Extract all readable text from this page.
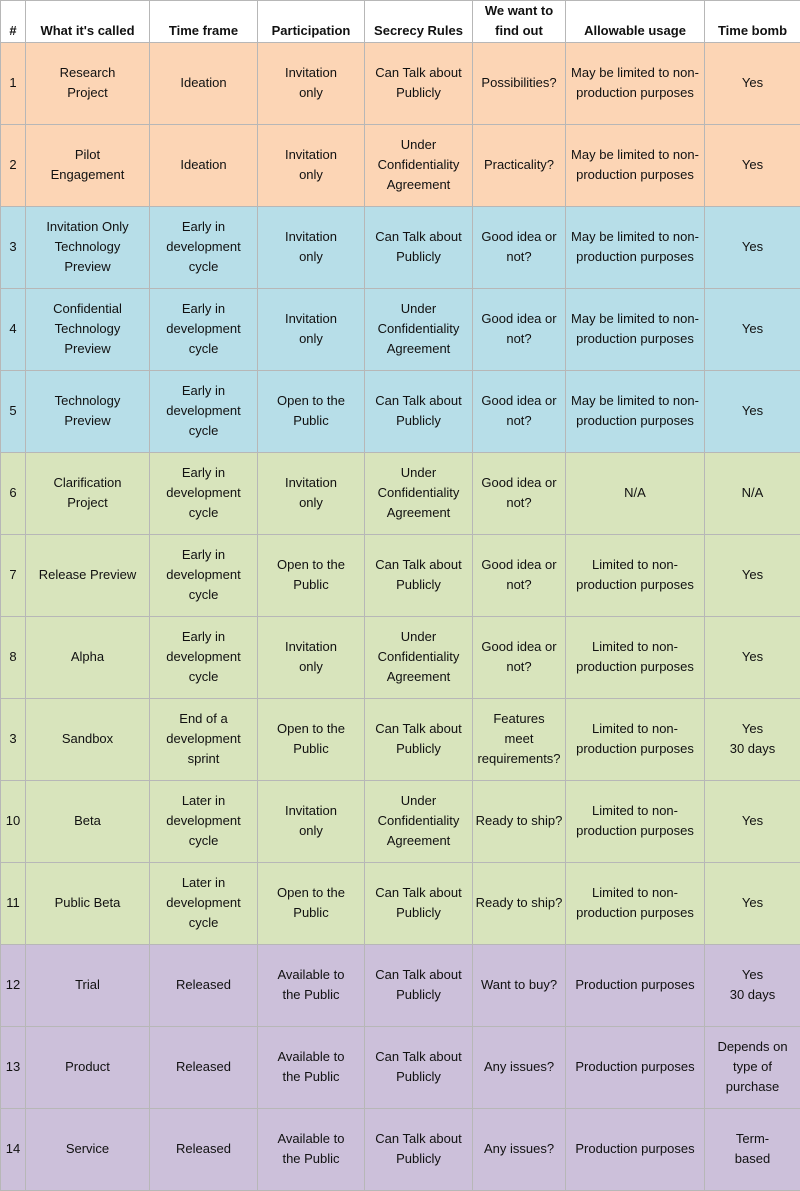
#	What it's called	Time frame	Participation	Secrecy Rules	We want to
find out	Allowable usage	Time bomb

1	Research
Project	Ideation	Invitation
only	Can Talk about
Publicly	Possibilities?	May be limited to non-
production purposes	Yes

2	Pilot
Engagement	Ideation	Invitation
only	Under
Confidentiality
Agreement	Practicality?	May be limited to non-
production purposes	Yes

3	Invitation Only
Technology
Preview	Early in
development
cycle	Invitation
only	Can Talk about
Publicly	Good idea or
not?	May be limited to non-
production purposes	Yes

4	Confidential
Technology
Preview	Early in
development
cycle	Invitation
only	Under
Confidentiality
Agreement	Good idea or
not?	May be limited to non-
production purposes	Yes

5	Technology
Preview	Early in
development
cycle	Open to the
Public	Can Talk about
Publicly	Good idea or
not?	May be limited to non-
production purposes	Yes

6	Clarification
Project	Early in
development
cycle	Invitation
only	Under
Confidentiality
Agreement	Good idea or
not?	N/A	N/A

7	Release Preview	Early in
development
cycle	Open to the
Public	Can Talk about
Publicly	Good idea or
not?	Limited to non-
production purposes	Yes

8	Alpha	Early in
development
cycle	Invitation
only	Under
Confidentiality
Agreement	Good idea or
not?	Limited to non-
production purposes	Yes

3	Sandbox	End of a
development
sprint	Open to the
Public	Can Talk about
Publicly	Features
meet
requirements?	Limited to non-
production purposes	Yes
30 days

10	Beta	Later in
development
cycle	Invitation
only	Under
Confidentiality
Agreement	Ready to ship?	Limited to non-
production purposes	Yes

11	Public Beta	Later in
development
cycle	Open to the
Public	Can Talk about
Publicly	Ready to ship?	Limited to non-
production purposes	Yes

12	Trial	Released	Available to
the Public	Can Talk about
Publicly	Want to buy?	Production purposes	Yes
30 days

13	Product	Released	Available to
the Public	Can Talk about
Publicly	Any issues?	Production purposes	Depends on
type of
purchase

14	Service	Released	Available to
the Public	Can Talk about
Publicly	Any issues?	Production purposes	Term-
based
